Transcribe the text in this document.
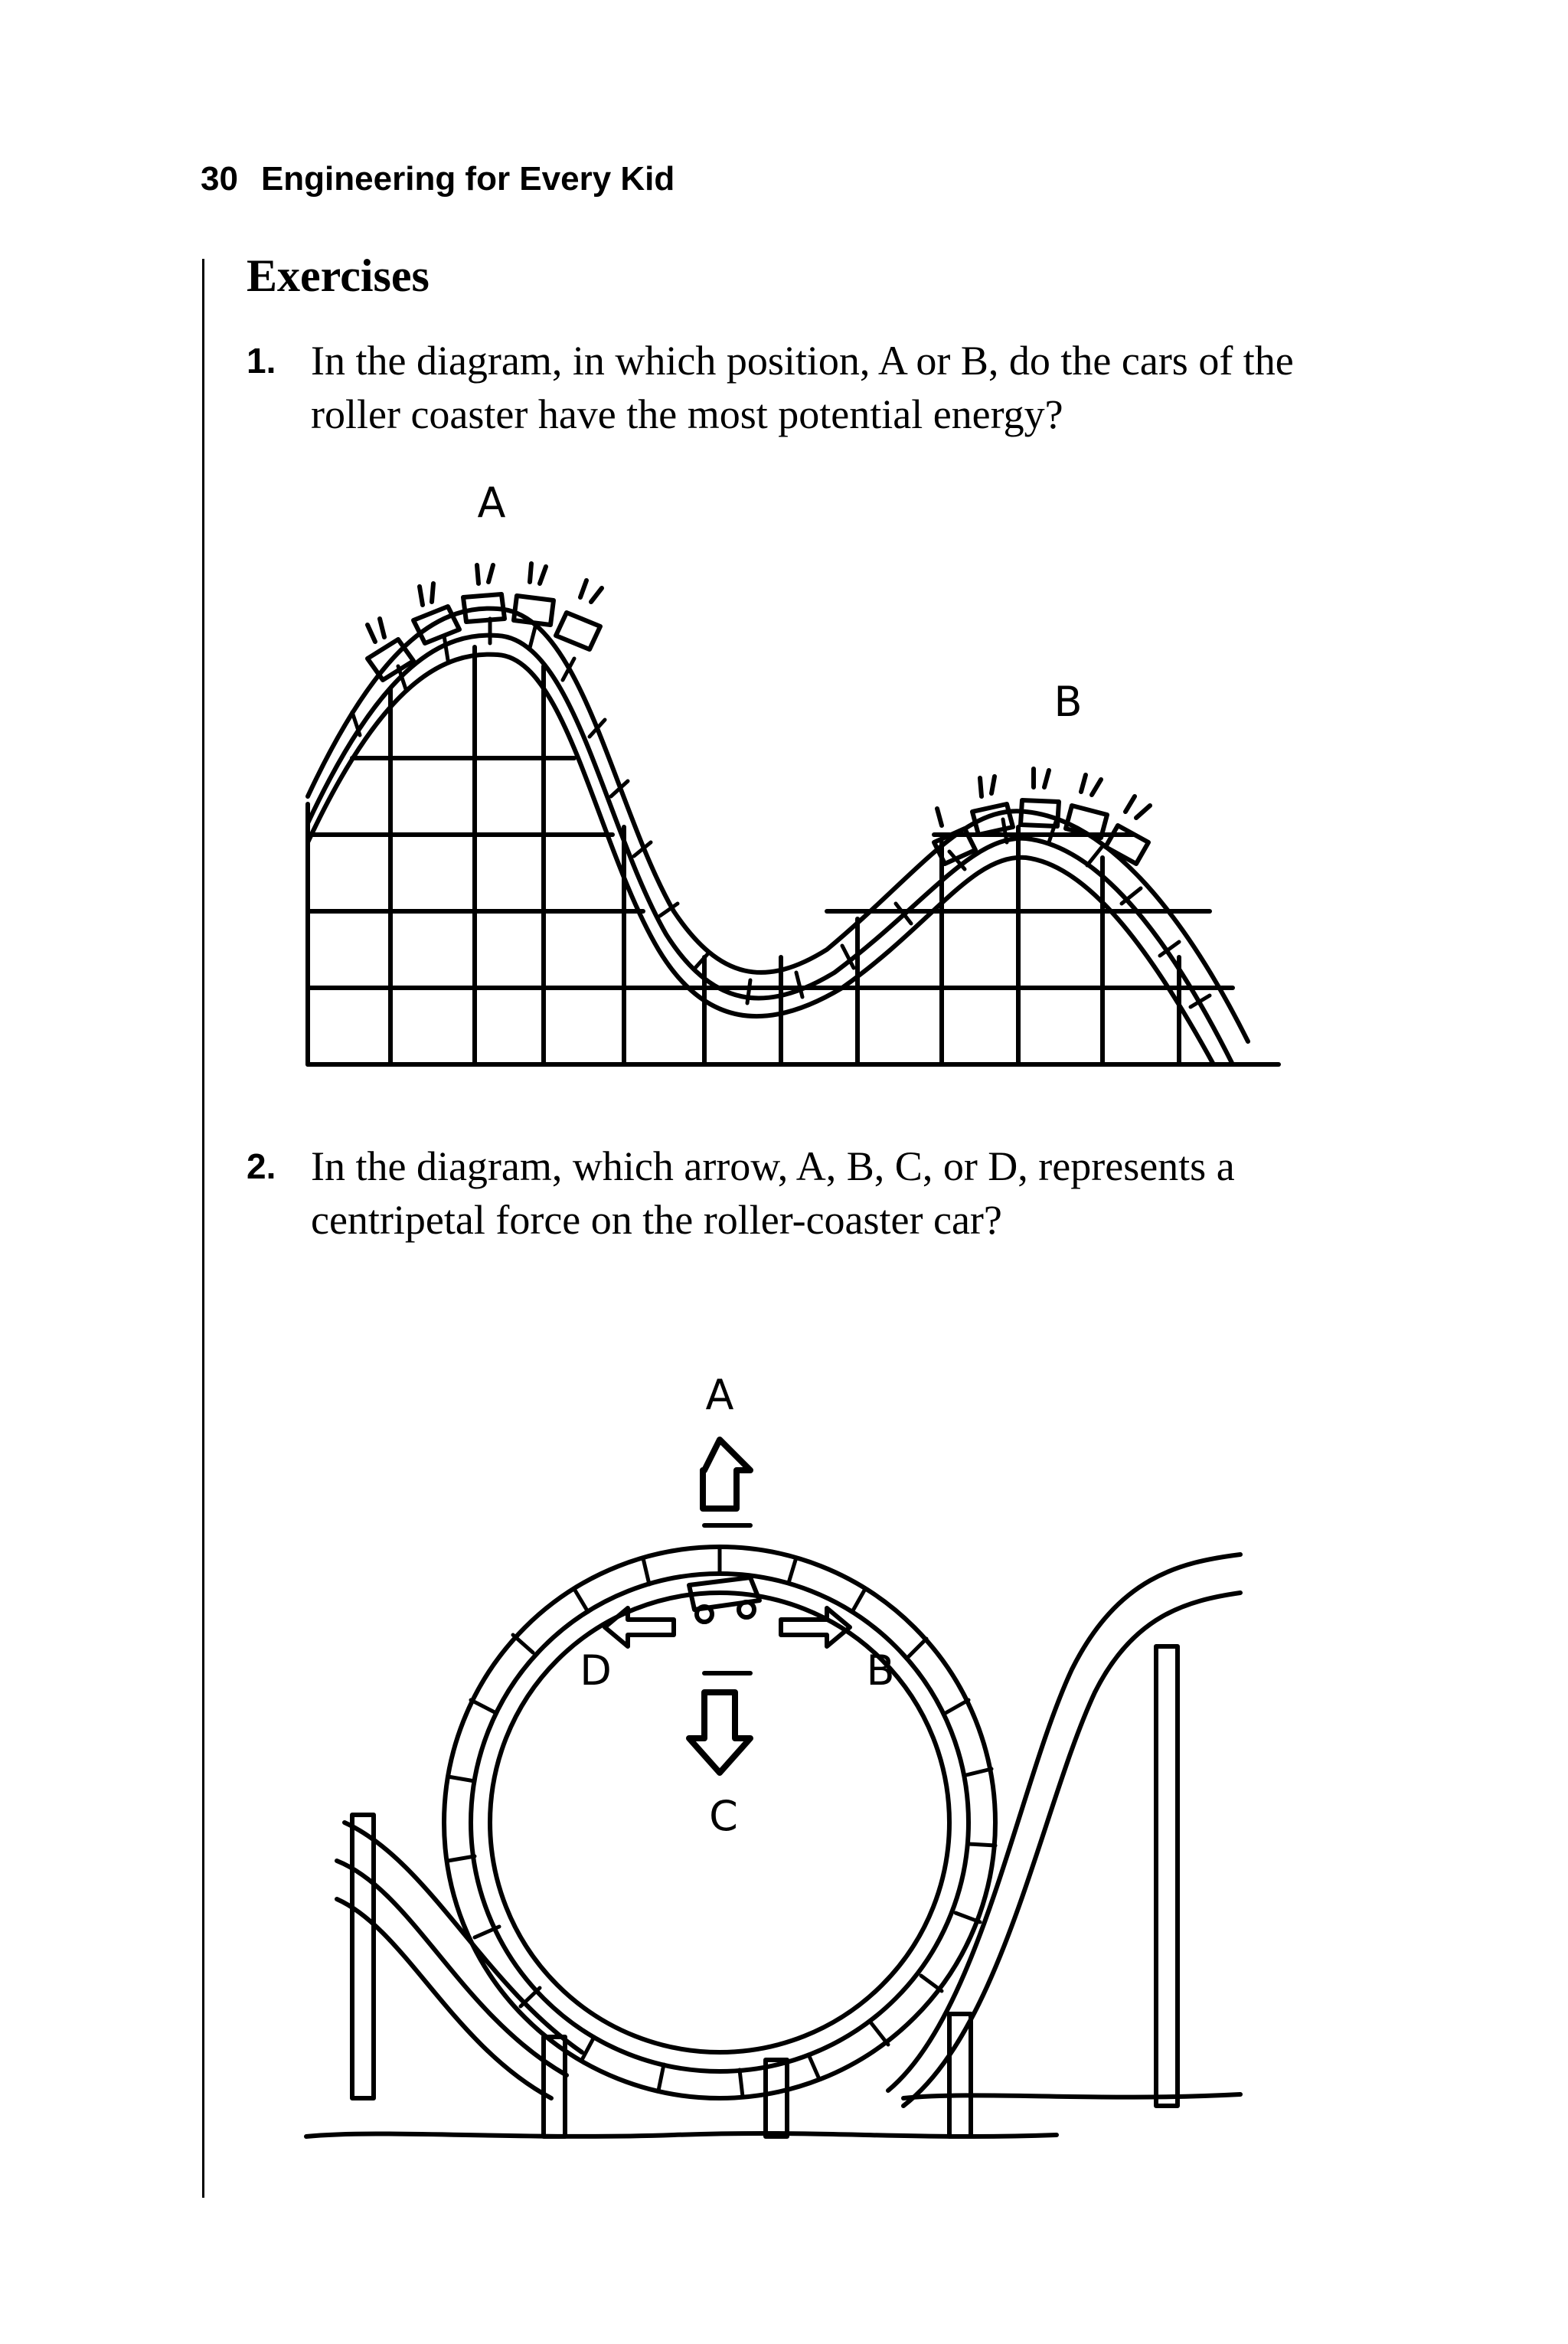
30 Engineering for Every Kid
Exercises
1. In the diagram, in which position, A or B, do the cars of the roller coaster have the most potential energy?
A
B
2. In the diagram, which arrow, A, B, C, or D, represents a centripetal force on the roller-coaster car?
A
B
C
D
